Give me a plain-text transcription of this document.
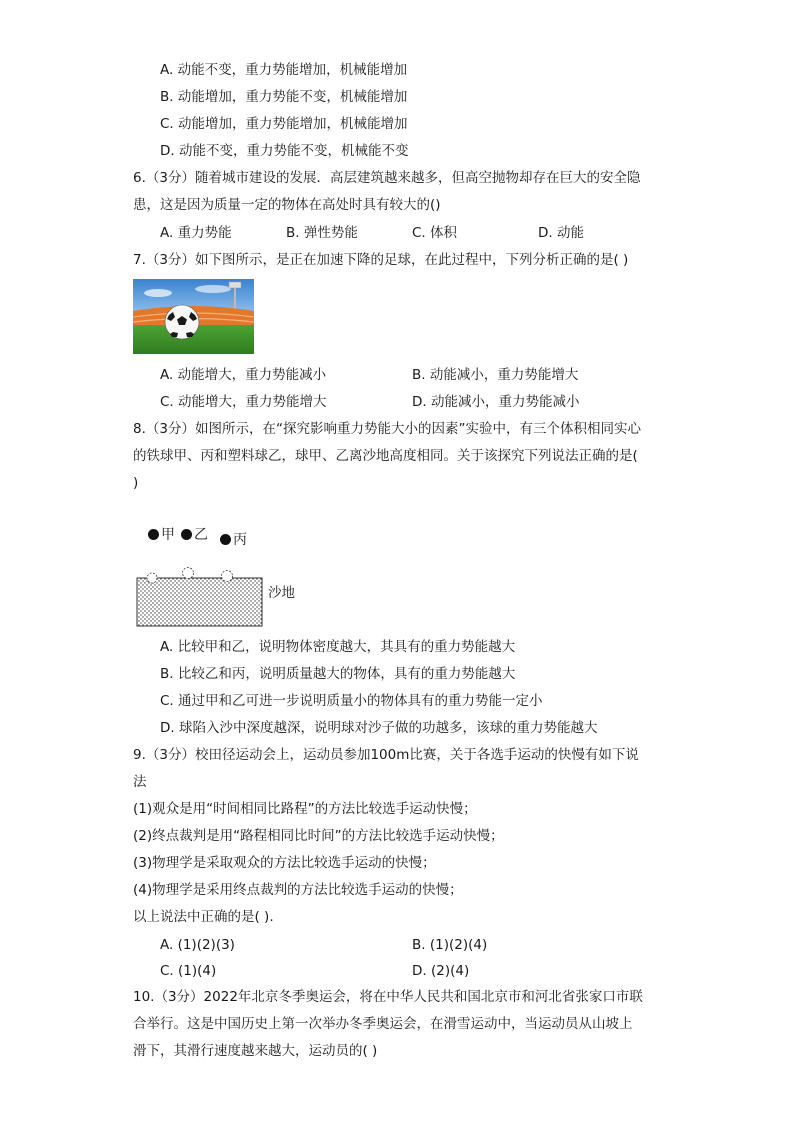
A. 动能不变，重力势能增加，机械能增加
B. 动能增加，重力势能不变，机械能增加
C. 动能增加，重力势能增加，机械能增加
D. 动能不变，重力势能不变，机械能不变
6.（3分）随着城市建设的发展．高层建筑越来越多，但高空抛物却存在巨大的安全隐
患，这是因为质量一定的物体在高处时具有较大的()
A. 重力势能	B. 弹性势能	C. 体积	D. 动能
7.（3分）如下图所示，是正在加速下降的足球，在此过程中，下列分析正确的是( )
A. 动能增大，重力势能减小	B. 动能减小，重力势能增大
C. 动能增大，重力势能增大	D. 动能减小，重力势能减小
8.（3分）如图所示，在“探究影响重力势能大小的因素”实验中，有三个体积相同实心
的铁球甲、丙和塑料球乙，球甲、乙离沙地高度相同。关于该探究下列说法正确的是(
)
甲	乙	丙
沙地
A. 比较甲和乙，说明物体密度越大，其具有的重力势能越大
B. 比较乙和丙，说明质量越大的物体，具有的重力势能越大
C. 通过甲和乙可进一步说明质量小的物体具有的重力势能一定小
D. 球陷入沙中深度越深，说明球对沙子做的功越多，该球的重力势能越大
9.（3分）校田径运动会上，运动员参加100m比赛，关于各选手运动的快慢有如下说
法
(1)观众是用“时间相同比路程”的方法比较选手运动快慢；
(2)终点裁判是用“路程相同比时间”的方法比较选手运动快慢；
(3)物理学是采取观众的方法比较选手运动的快慢；
(4)物理学是采用终点裁判的方法比较选手运动的快慢；
以上说法中正确的是( ).
A. (1)(2)(3)	B. (1)(2)(4)
C. (1)(4)	D. (2)(4)
10.（3分）2022年北京冬季奥运会，将在中华人民共和国北京市和河北省张家口市联
合举行。这是中国历史上第一次举办冬季奥运会，在滑雪运动中，当运动员从山坡上
滑下，其滑行速度越来越大，运动员的( )
